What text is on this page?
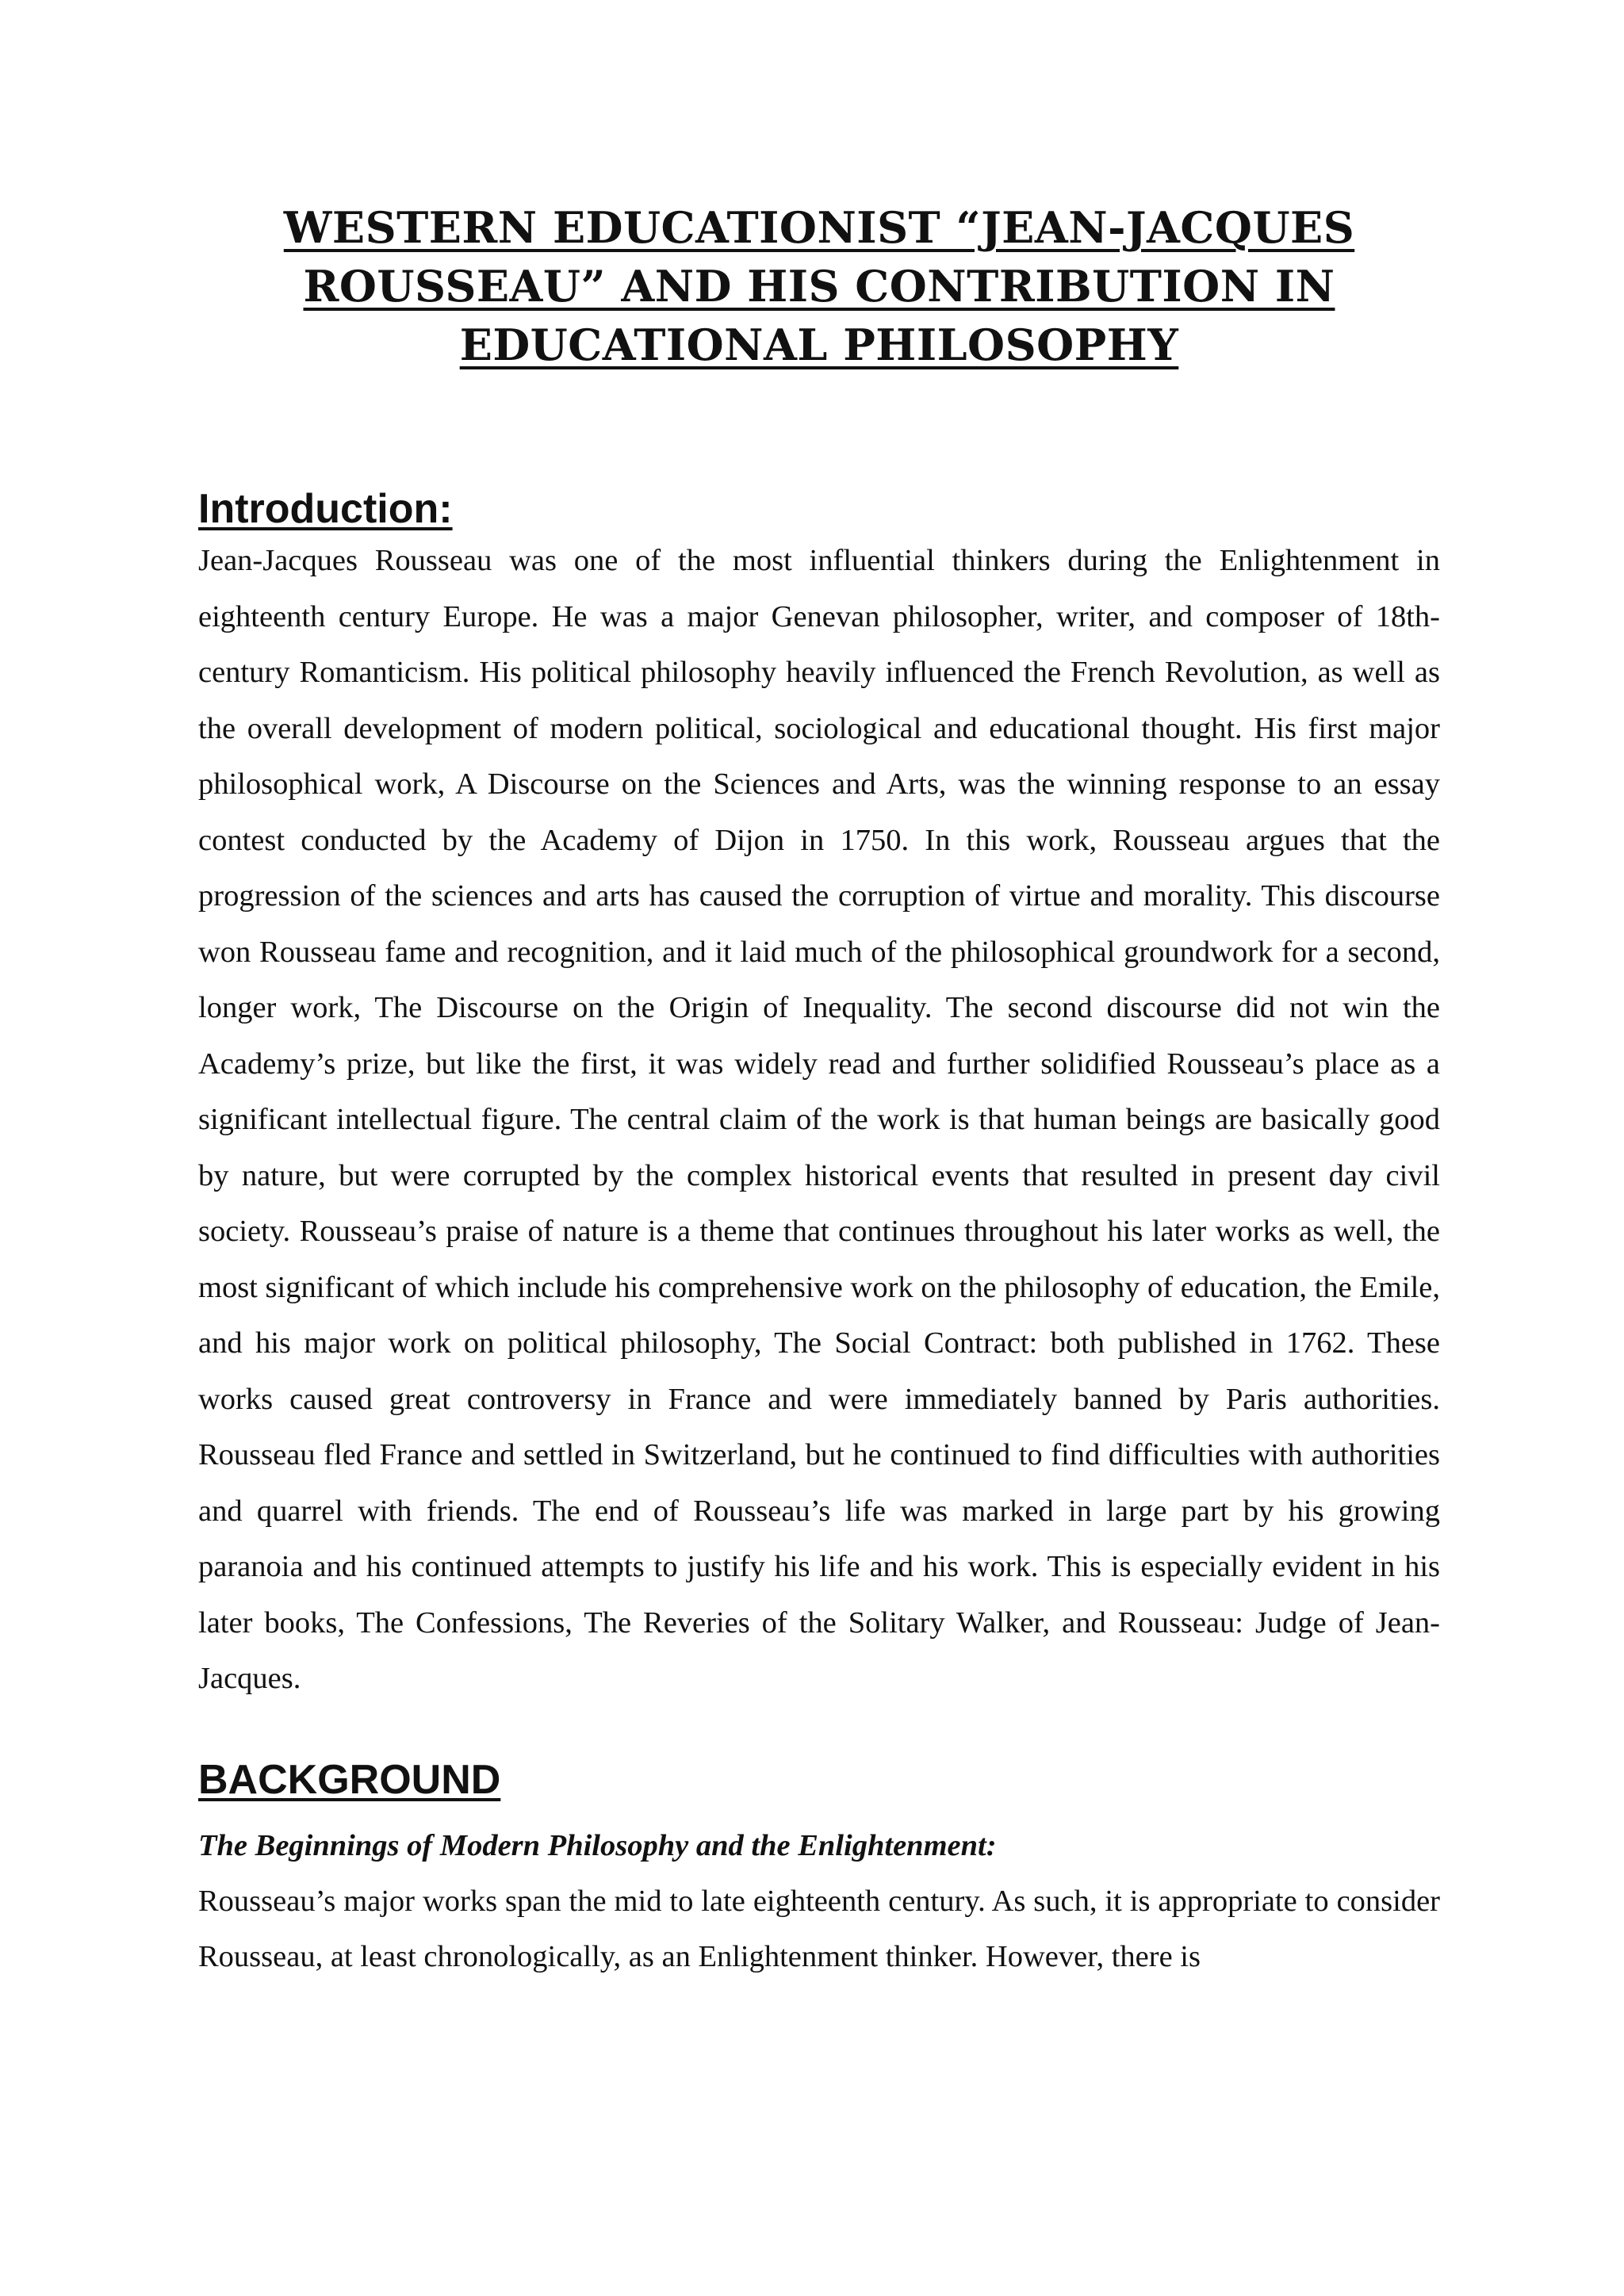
WESTERN EDUCATIONIST “JEAN-JACQUES
ROUSSEAU” AND HIS CONTRIBUTION IN
EDUCATIONAL PHILOSOPHY
Introduction:

Jean-Jacques Rousseau was one of the most influential thinkers during the Enlightenment in eighteenth century Europe. He was a major Genevan philosopher, writer, and composer of 18th-century Romanticism. His political philosophy heavily influenced the French Revolution, as well as the overall development of modern political, sociological and educational thought. His first major philosophical work, A Discourse on the Sciences and Arts, was the winning response to an essay contest conducted by the Academy of Dijon in 1750. In this work, Rousseau argues that the progression of the sciences and arts has caused the corruption of virtue and morality. This discourse won Rousseau fame and recognition, and it laid much of the philosophical groundwork for a second, longer work, The Discourse on the Origin of Inequality. The second discourse did not win the Academy’s prize, but like the first, it was widely read and further solidified Rousseau’s place as a significant intellectual figure. The central claim of the work is that human beings are basically good by nature, but were corrupted by the complex historical events that resulted in present day civil society. Rousseau’s praise of nature is a theme that continues throughout his later works as well, the most significant of which include his comprehensive work on the philosophy of education, the Emile, and his major work on political philosophy, The Social Contract: both published in 1762. These works caused great controversy in France and were immediately banned by Paris authorities. Rousseau fled France and settled in Switzerland, but he continued to find difficulties with authorities and quarrel with friends. The end of Rousseau’s life was marked in large part by his growing paranoia and his continued attempts to justify his life and his work. This is especially evident in his later books, The Confessions, The Reveries of the Solitary Walker, and Rousseau: Judge of Jean-Jacques.

BACKGROUND
The Beginnings of Modern Philosophy and the Enlightenment:

Rousseau’s major works span the mid to late eighteenth century. As such, it is appropriate to consider Rousseau, at least chronologically, as an Enlightenment thinker. However, there is
